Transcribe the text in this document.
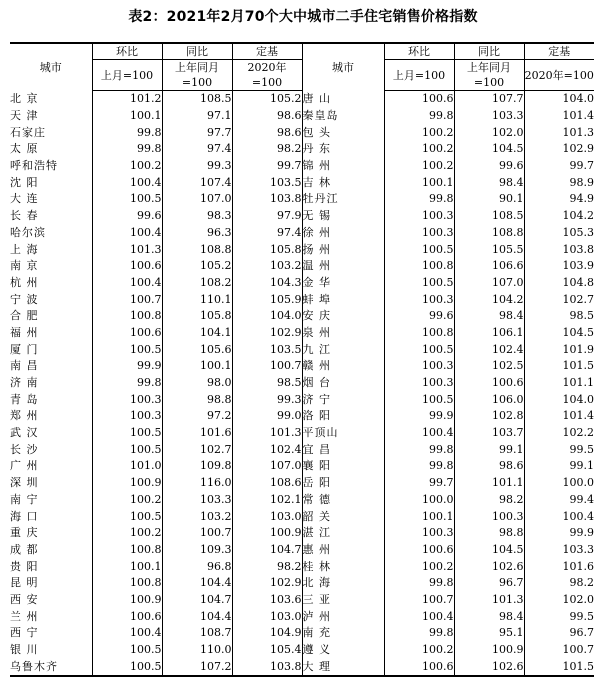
表2：2021年2月70个大中城市二手住宅销售价格指数
城市	环比	同比	定基	城市	环比	同比	定基
	上月=100	上年同月=100	2020年=100		上月=100	上年同月=100	2020年=100
北 京	101.2	108.5	105.2	唐 山	100.6	107.7	104.0
天 津	100.1	97.1	98.6	秦皇岛	99.8	103.3	101.4
石家庄	99.8	97.7	98.6	包 头	100.2	102.0	101.3
太 原	99.8	97.4	98.2	丹 东	100.2	104.5	102.9
呼和浩特	100.2	99.3	99.7	锦 州	100.2	99.6	99.7
沈 阳	100.4	107.4	103.5	吉 林	100.1	98.4	98.9
大 连	100.5	107.0	103.8	牡丹江	99.8	90.1	94.9
长 春	99.6	98.3	97.9	无 锡	100.3	108.5	104.2
哈尔滨	100.4	96.3	97.4	徐 州	100.3	108.8	105.3
上 海	101.3	108.8	105.8	扬 州	100.5	105.5	103.8
南 京	100.6	105.2	103.2	温 州	100.8	106.6	103.9
杭 州	100.4	108.2	104.3	金 华	100.5	107.0	104.8
宁 波	100.7	110.1	105.9	蚌 埠	100.3	104.2	102.7
合 肥	100.8	105.8	104.0	安 庆	99.6	98.4	98.5
福 州	100.6	104.1	102.9	泉 州	100.8	106.1	104.5
厦 门	100.5	105.6	103.5	九 江	100.5	102.4	101.9
南 昌	99.9	100.1	100.7	赣 州	100.3	102.5	101.5
济 南	99.8	98.0	98.5	烟 台	100.3	100.6	101.1
青 岛	100.3	98.8	99.3	济 宁	100.5	106.0	104.0
郑 州	100.3	97.2	99.0	洛 阳	99.9	102.8	101.4
武 汉	100.5	101.6	101.3	平顶山	100.4	103.7	102.2
长 沙	100.5	102.7	102.4	宜 昌	99.8	99.1	99.5
广 州	101.0	109.8	107.0	襄 阳	99.8	98.6	99.1
深 圳	100.9	116.0	108.6	岳 阳	99.7	101.1	100.0
南 宁	100.2	103.3	102.1	常 德	100.0	98.2	99.4
海 口	100.5	103.2	103.0	韶 关	100.1	100.3	100.4
重 庆	100.2	100.7	100.9	湛 江	100.3	98.8	99.9
成 都	100.8	109.3	104.7	惠 州	100.6	104.5	103.3
贵 阳	100.1	96.8	98.2	桂 林	100.2	102.6	101.6
昆 明	100.8	104.4	102.9	北 海	99.8	96.7	98.2
西 安	100.9	104.7	103.6	三 亚	100.7	101.3	102.0
兰 州	100.6	104.4	103.0	泸 州	100.4	98.4	99.5
西 宁	100.4	108.7	104.9	南 充	99.8	95.1	96.7
银 川	100.5	110.0	105.4	遵 义	100.2	100.9	100.7
乌鲁木齐	100.5	107.2	103.8	大 理	100.6	102.6	101.5
